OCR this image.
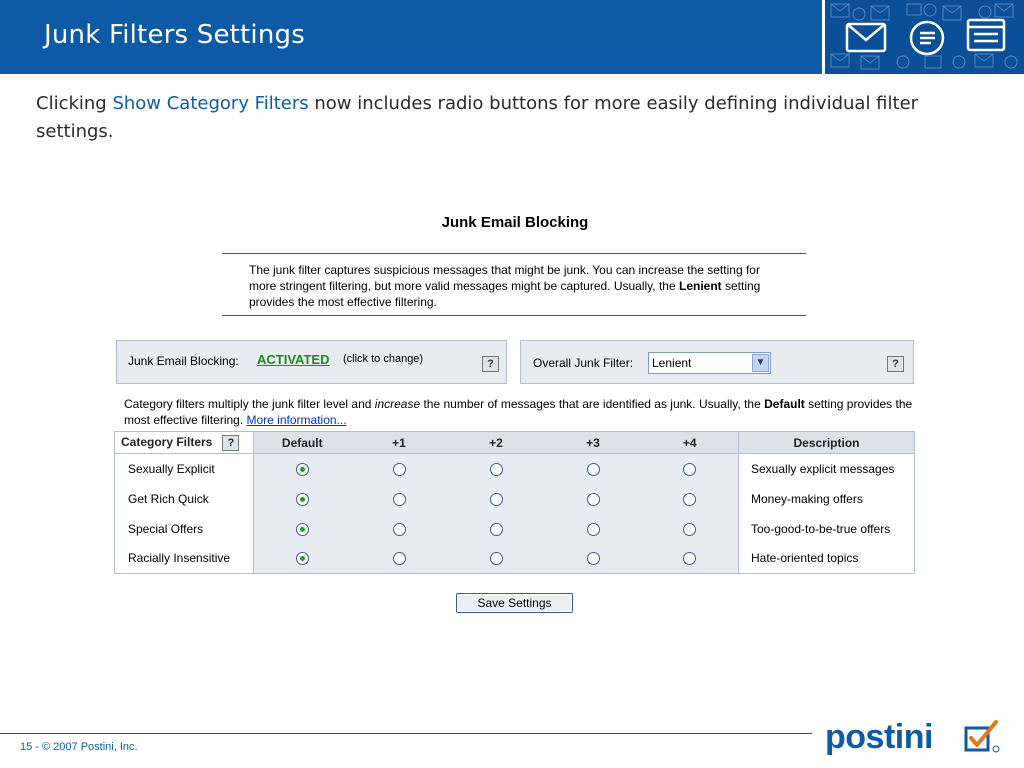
Junk Filters Settings
Clicking Show Category Filters now includes radio buttons for more easily defining individual filter settings.
Junk Email Blocking
The junk filter captures suspicious messages that might be junk. You can increase the setting for more stringent filtering, but more valid messages might be captured. Usually, the Lenient setting provides the most effective filtering.
Junk Email Blocking: ACTIVATED (click to change)	?	Overall Junk Filter:	Lenient	▼	?
Category filters multiply the junk filter level and increase the number of messages that are identified as junk. Usually, the Default setting provides the most effective filtering. More information...
Category Filters ?	Default	+1	+2	+3	+4	Description
Sexually Explicit						Sexually explicit messages
Get Rich Quick						Money-making offers
Special Offers						Too-good-to-be-true offers
Racially Insensitive						Hate-oriented topics
Save Settings
15 - © 2007 Postini, Inc.	postini
